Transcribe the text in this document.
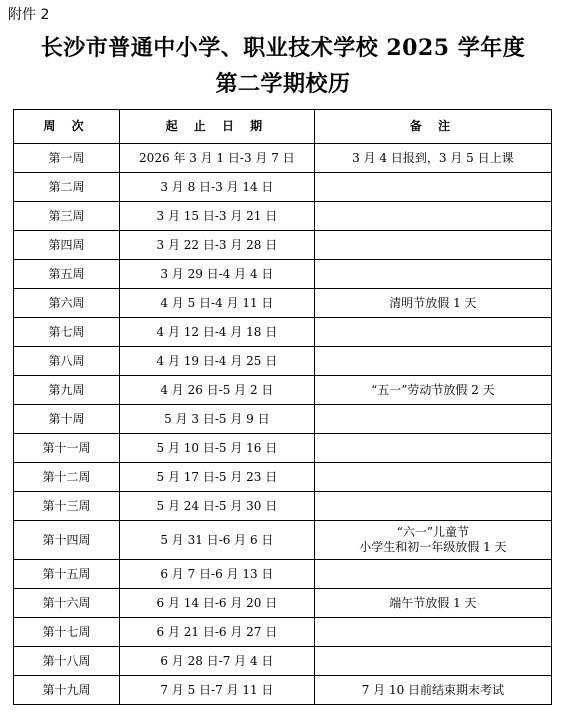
附件 2
长沙市普通中小学、职业技术学校 2025 学年度
第二学期校历
周 次	起 止 日 期	备 注
第一周	2026 年 3 月 1 日-3 月 7 日	3 月 4 日报到，3 月 5 日上课

第二周	3 月 8 日-3 月 14 日	

第三周	3 月 15 日-3 月 21 日	

第四周	3 月 22 日-3 月 28 日	

第五周	3 月 29 日-4 月 4 日	

第六周	4 月 5 日-4 月 11 日	清明节放假 1 天

第七周	4 月 12 日-4 月 18 日	

第八周	4 月 19 日-4 月 25 日	

第九周	4 月 26 日-5 月 2 日	“五一”劳动节放假 2 天

第十周	5 月 3 日-5 月 9 日	

第十一周	5 月 10 日-5 月 16 日	

第十二周	5 月 17 日-5 月 23 日	

第十三周	5 月 24 日-5 月 30 日	

第十四周	5 月 31 日-6 月 6 日	“六一”儿童节
小学生和初一年级放假 1 天

第十五周	6 月 7 日-6 月 13 日	

第十六周	6 月 14 日-6 月 20 日	端午节放假 1 天

第十七周	6 月 21 日-6 月 27 日	

第十八周	6 月 28 日-7 月 4 日	

第十九周	7 月 5 日-7 月 11 日	7 月 10 日前结束期末考试
